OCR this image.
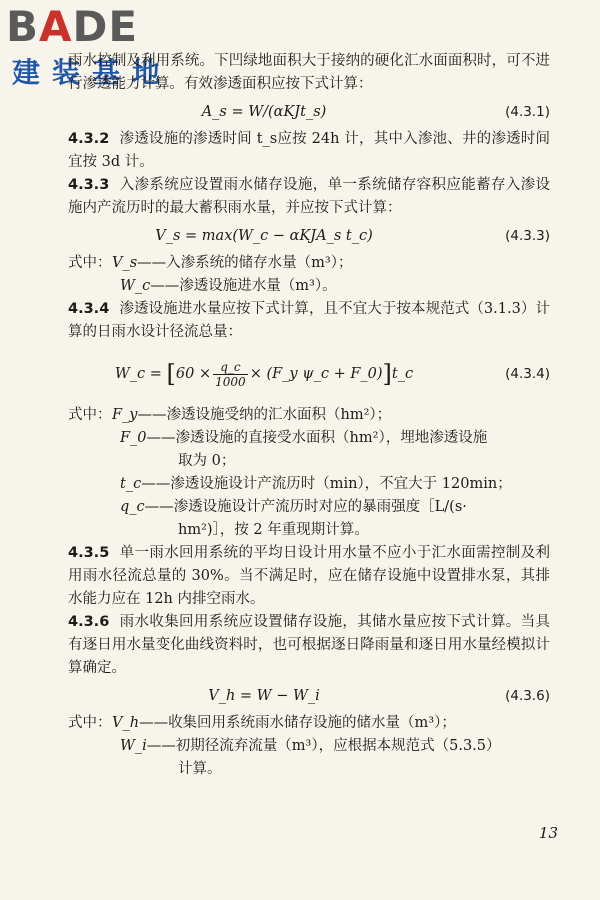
BADE
建装基地

雨水控制及利用系统。下凹绿地面积大于接纳的硬化汇水面面积时，可不进行渗透能力计算。有效渗透面积应按下式计算：

A_s = W/(αKJt_s)	(4.3.1)

4.3.2 渗透设施的渗透时间 t_s应按 24h 计，其中入渗池、井的渗透时间宜按 3d 计。

4.3.3 入渗系统应设置雨水储存设施，单一系统储存容积应能蓄存入渗设施内产流历时的最大蓄积雨水量，并应按下式计算：

V_s = max(W_c − αKJA_s t_c)	(4.3.3)
式中：V_s——入渗系统的储存水量（m³）；
W_c——渗透设施进水量（m³）。

4.3.4 渗透设施进水量应按下式计算，且不宜大于按本规范式（3.1.3）计算的日雨水设计径流总量：

W_c = [$60 \times \frac{q\_c}{1000}$ × (F_y ψ_c + F_0)]t_c	(4.3.4)
式中：F_y——渗透设施受纳的汇水面积（hm²）；
F_0——渗透设施的直接受水面积（hm²），埋地渗透设施
取为 0；
t_c——渗透设施设计产流历时（min），不宜大于 120min；
q_c——渗透设施设计产流历时对应的暴雨强度［L/(s·
hm²)］，按 2 年重现期计算。

4.3.5 单一雨水回用系统的平均日设计用水量不应小于汇水面需控制及利用雨水径流总量的 30%。当不满足时，应在储存设施中设置排水泵，其排水能力应在 12h 内排空雨水。

4.3.6 雨水收集回用系统应设置储存设施，其储水量应按下式计算。当具有逐日用水量变化曲线资料时，也可根据逐日降雨量和逐日用水量经模拟计算确定。

V_h = W − W_i	(4.3.6)
式中：V_h——收集回用系统雨水储存设施的储水量（m³）；
W_i——初期径流弃流量（m³），应根据本规范式（5.3.5）
计算。
13
